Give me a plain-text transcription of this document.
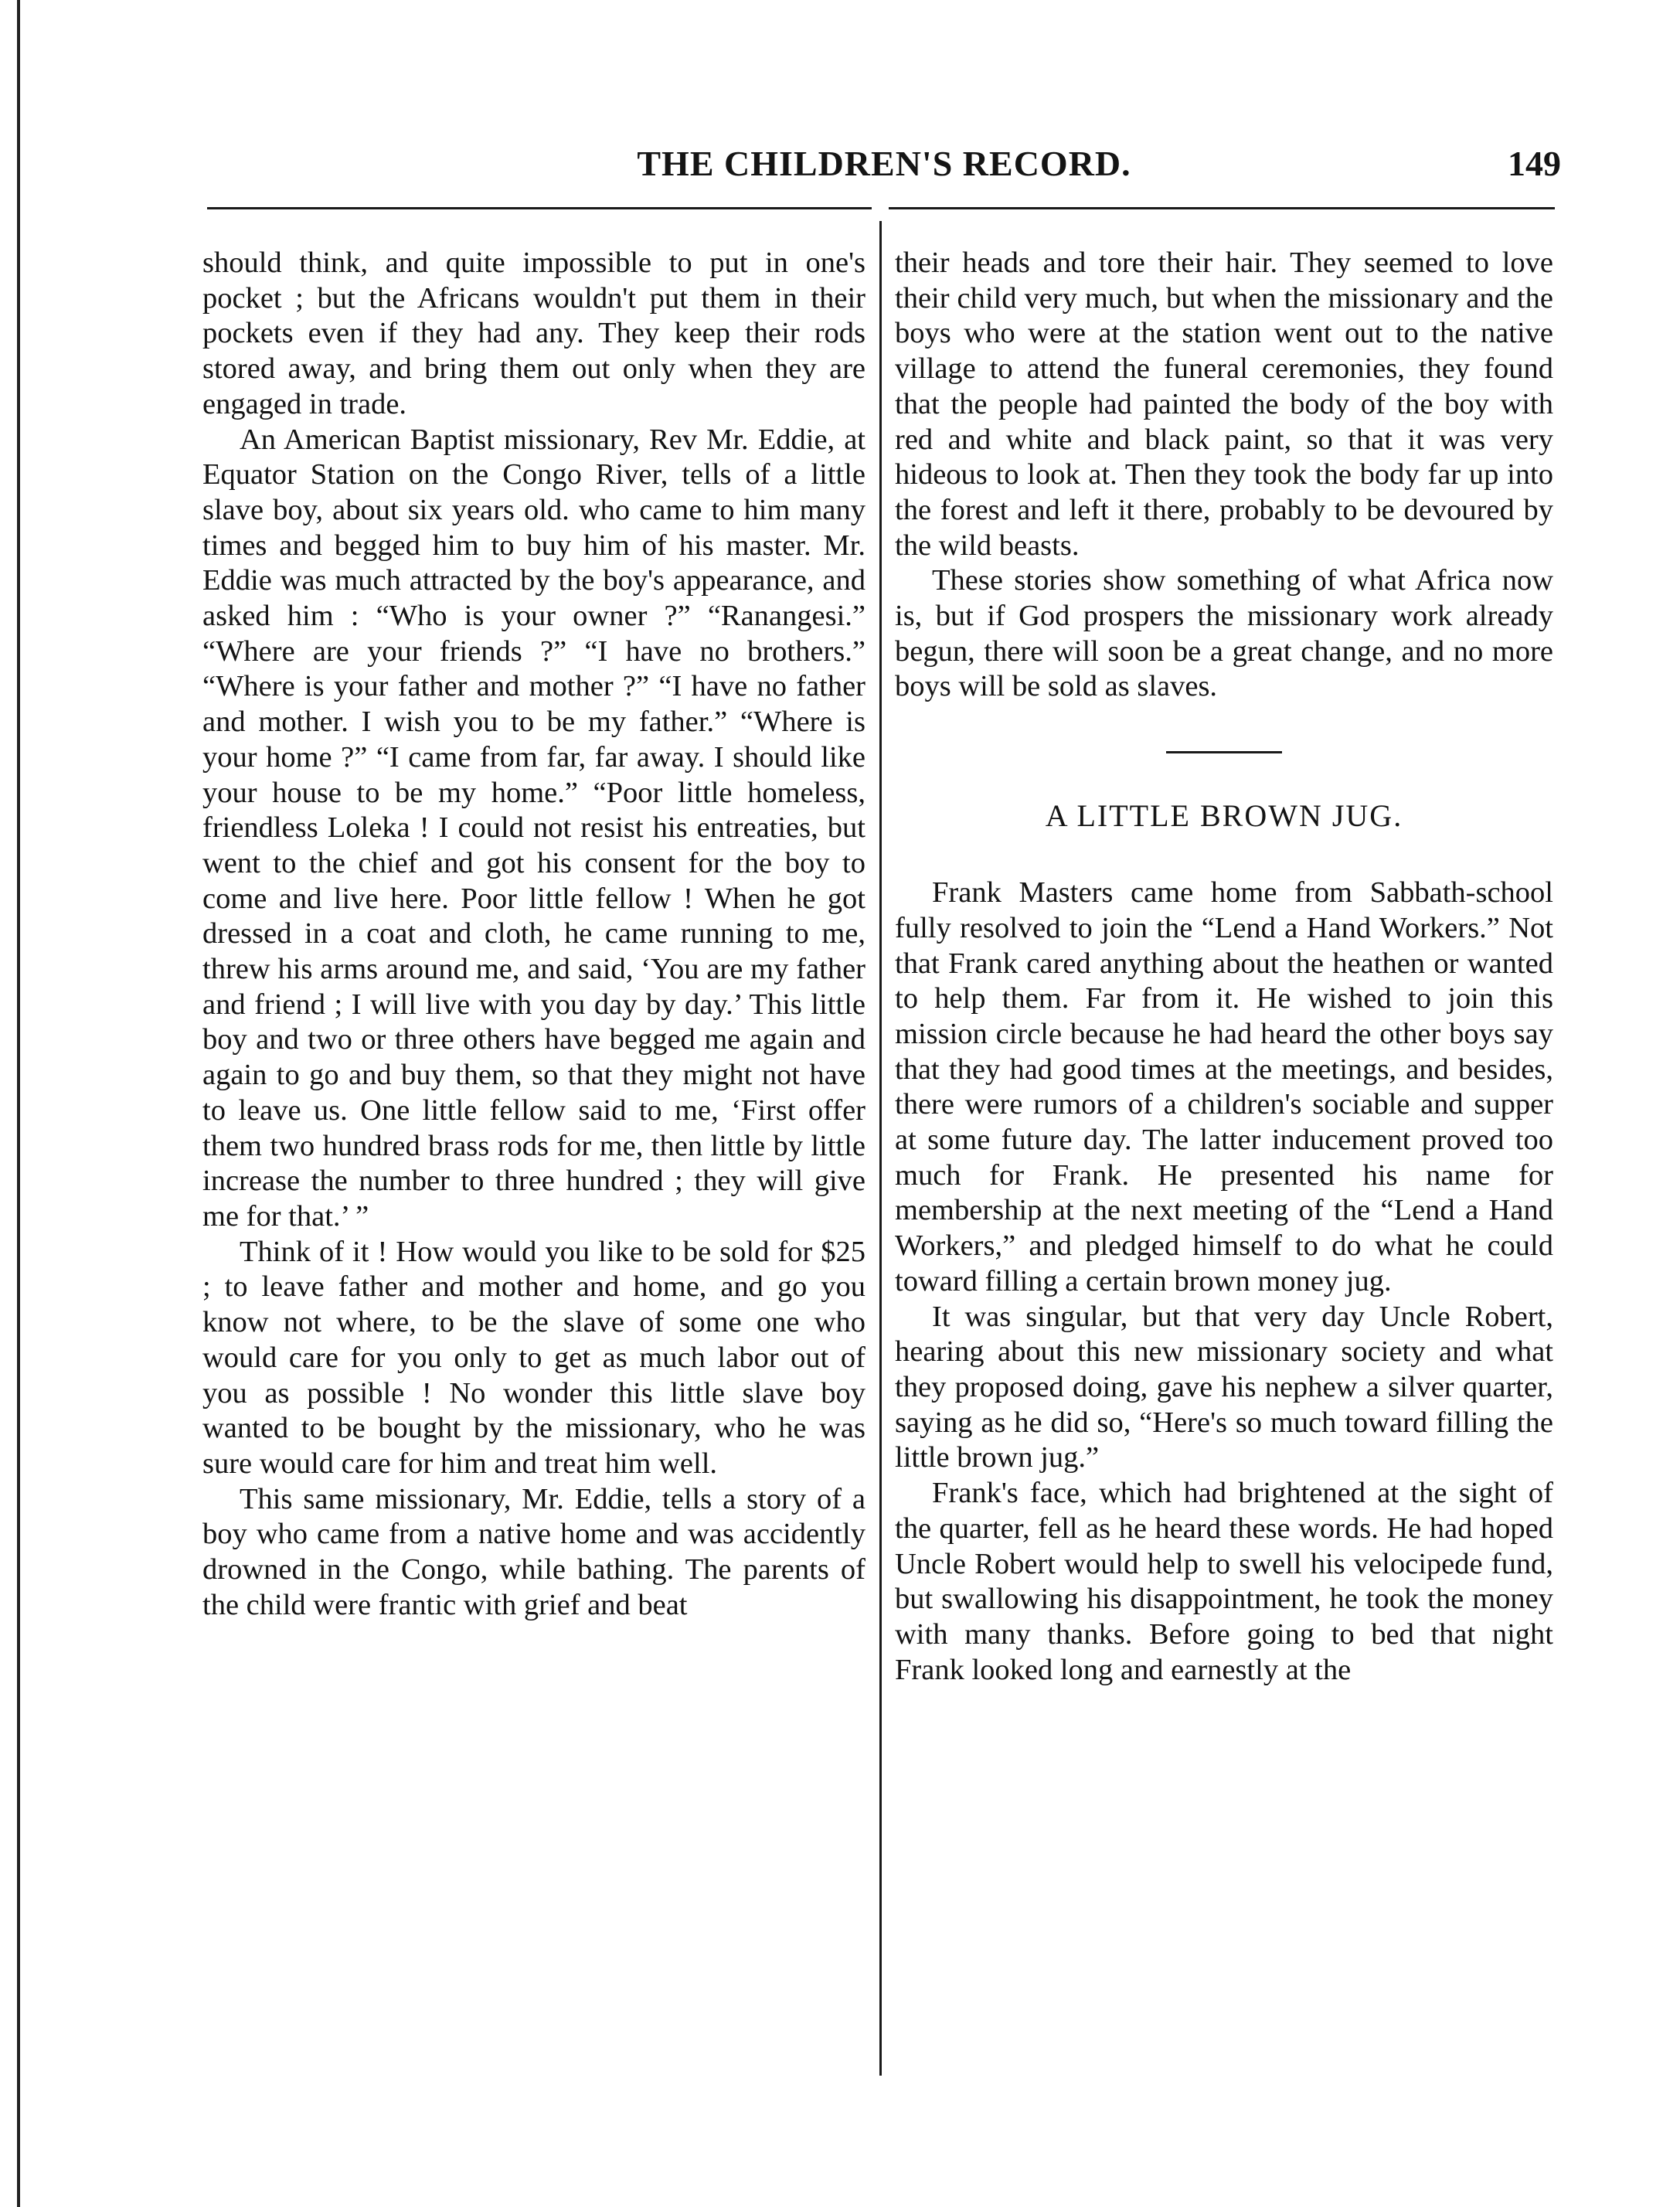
THE CHILDREN'S RECORD.	149

should think, and quite impossible to put in one's pocket ; but the Africans wouldn't put them in their pockets even if they had any. They keep their rods stored away, and bring them out only when they are engaged in trade.

An American Baptist missionary, Rev Mr. Eddie, at Equator Station on the Congo River, tells of a little slave boy, about six years old. who came to him many times and begged him to buy him of his master. Mr. Eddie was much attracted by the boy's appearance, and asked him : “Who is your owner ?” “Ranangesi.” “Where are your friends ?” “I have no brothers.” “Where is your father and mother ?” “I have no father and mother. I wish you to be my father.” “Where is your home ?” “I came from far, far away. I should like your house to be my home.” “Poor little homeless, friendless Loleka ! I could not resist his entreaties, but went to the chief and got his consent for the boy to come and live here. Poor little fellow ! When he got dressed in a coat and cloth, he came running to me, threw his arms around me, and said, ‘You are my father and friend ; I will live with you day by day.’ This little boy and two or three others have begged me again and again to go and buy them, so that they might not have to leave us. One little fellow said to me, ‘First offer them two hundred brass rods for me, then little by little increase the number to three hundred ; they will give me for that.’ ”

Think of it ! How would you like to be sold for $25 ; to leave father and mother and home, and go you know not where, to be the slave of some one who would care for you only to get as much labor out of you as possible ! No wonder this little slave boy wanted to be bought by the missionary, who he was sure would care for him and treat him well.

This same missionary, Mr. Eddie, tells a story of a boy who came from a native home and was accidently drowned in the Congo, while bathing. The parents of the child were frantic with grief and beat

their heads and tore their hair. They seemed to love their child very much, but when the missionary and the boys who were at the station went out to the native village to attend the funeral ceremonies, they found that the people had painted the body of the boy with red and white and black paint, so that it was very hideous to look at. Then they took the body far up into the forest and left it there, probably to be devoured by the wild beasts.

These stories show something of what Africa now is, but if God prospers the missionary work already begun, there will soon be a great change, and no more boys will be sold as slaves.

A LITTLE BROWN JUG.

Frank Masters came home from Sabbath-school fully resolved to join the “Lend a Hand Workers.” Not that Frank cared anything about the heathen or wanted to help them. Far from it. He wished to join this mission circle because he had heard the other boys say that they had good times at the meetings, and besides, there were rumors of a children's sociable and supper at some future day. The latter inducement proved too much for Frank. He presented his name for membership at the next meeting of the “Lend a Hand Workers,” and pledged himself to do what he could toward filling a certain brown money jug.

It was singular, but that very day Uncle Robert, hearing about this new missionary society and what they proposed doing, gave his nephew a silver quarter, saying as he did so, “Here's so much toward filling the little brown jug.”

Frank's face, which had brightened at the sight of the quarter, fell as he heard these words. He had hoped Uncle Robert would help to swell his velocipede fund, but swallowing his disappointment, he took the money with many thanks. Before going to bed that night Frank looked long and earnestly at the
